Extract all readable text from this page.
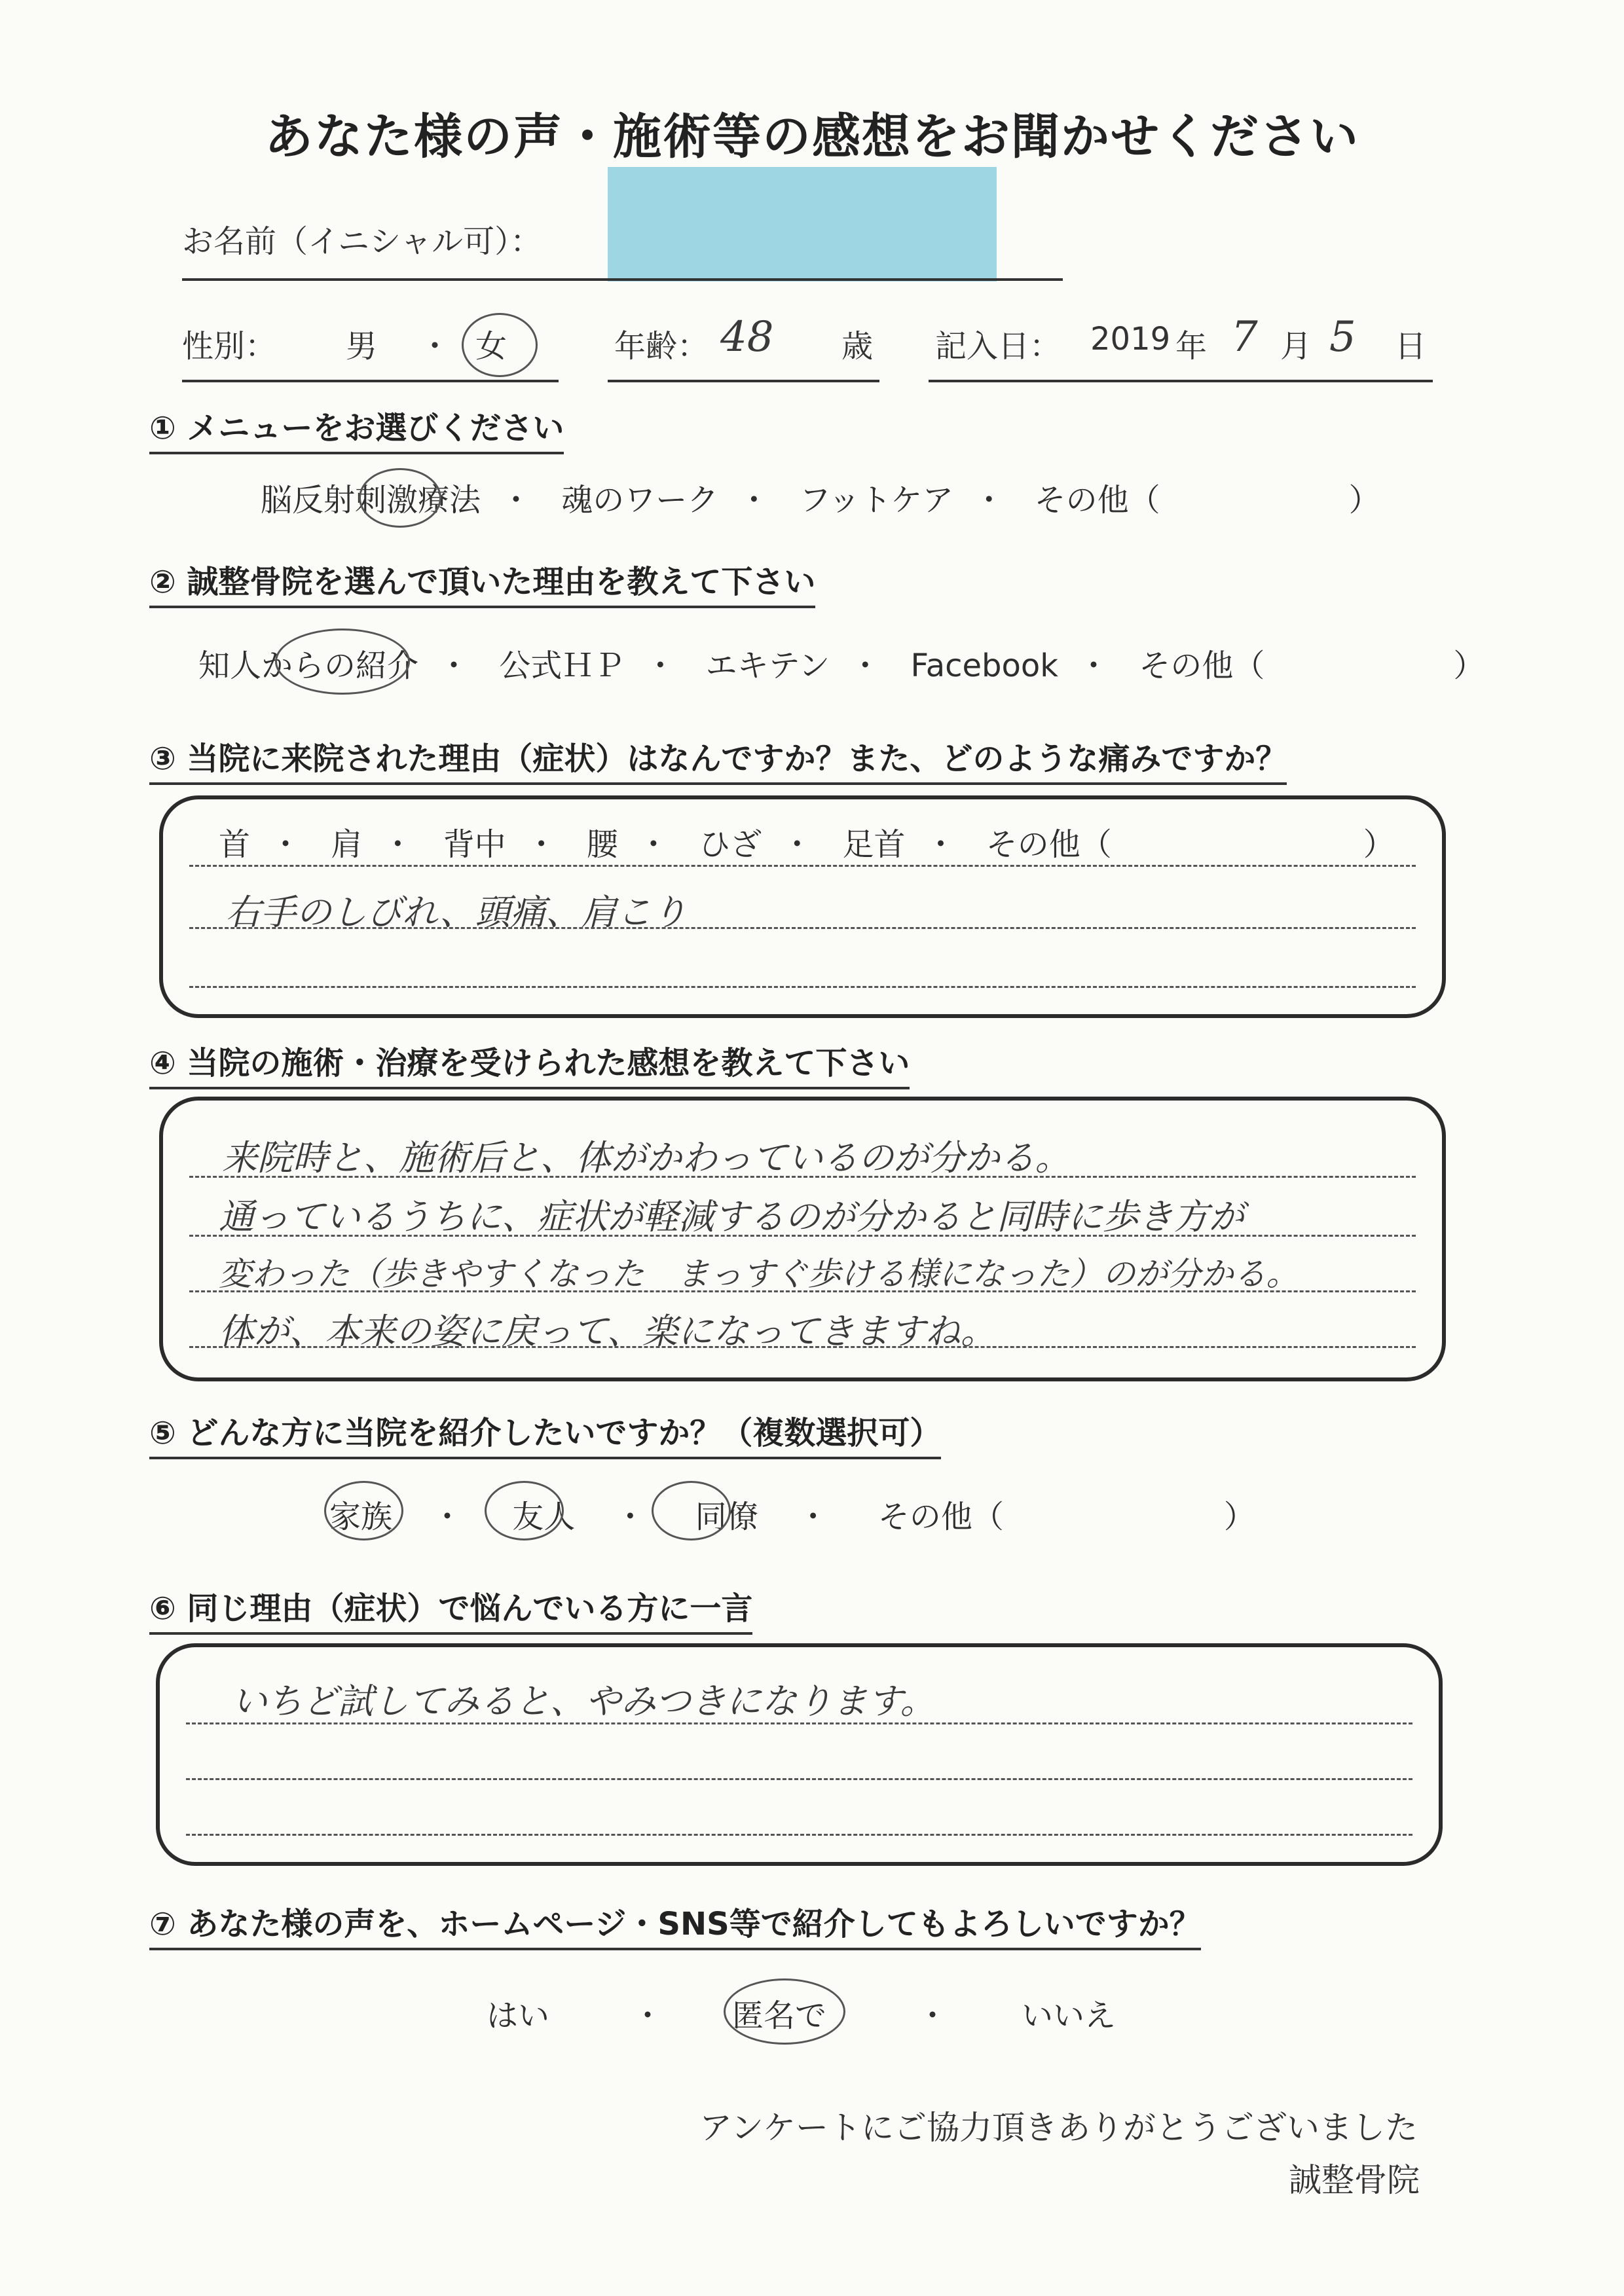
あなた様の声・施術等の感想をお聞かせください
お名前（イニシャル可）：
性別： 男 ・ 女	年齢： 48 歳 記入日： 2019 年 7 月 5 日
① メニューをお選びください
脳反射刺激療法 ・ 魂のワーク ・ フットケア ・ その他（　　　　　　）
② 誠整骨院を選んで頂いた理由を教えて下さい
知人からの紹介 ・ 公式ＨＰ ・ エキテン ・ Facebook ・ その他（　　　　　　）
③ 当院に来院された理由（症状）はなんですか？また、どのような痛みですか？
首 ・ 肩 ・ 背中 ・ 腰 ・ ひざ ・ 足首 ・ その他（　　　　　　　　）
右手のしびれ、頭痛、肩こり
④ 当院の施術・治療を受けられた感想を教えて下さい
来院時と、施術后と、体がかわっているのが分かる。
通っているうちに、症状が軽減するのが分かると同時に歩き方が
変わった（歩きやすくなった　まっすぐ歩ける様になった）のが分かる。
体が、本来の姿に戻って、楽になってきますね。
⑤ どんな方に当院を紹介したいですか？（複数選択可）
家族 ・ 友人 ・ 同僚 ・ その他（　　　　　　　）
⑥ 同じ理由（症状）で悩んでいる方に一言
いちど試してみると、やみつきになります。
⑦ あなた様の声を、ホームページ・SNS等で紹介してもよろしいですか？
はい	・ 匿名で	・ いいえ
アンケートにご協力頂きありがとうございました
誠整骨院
